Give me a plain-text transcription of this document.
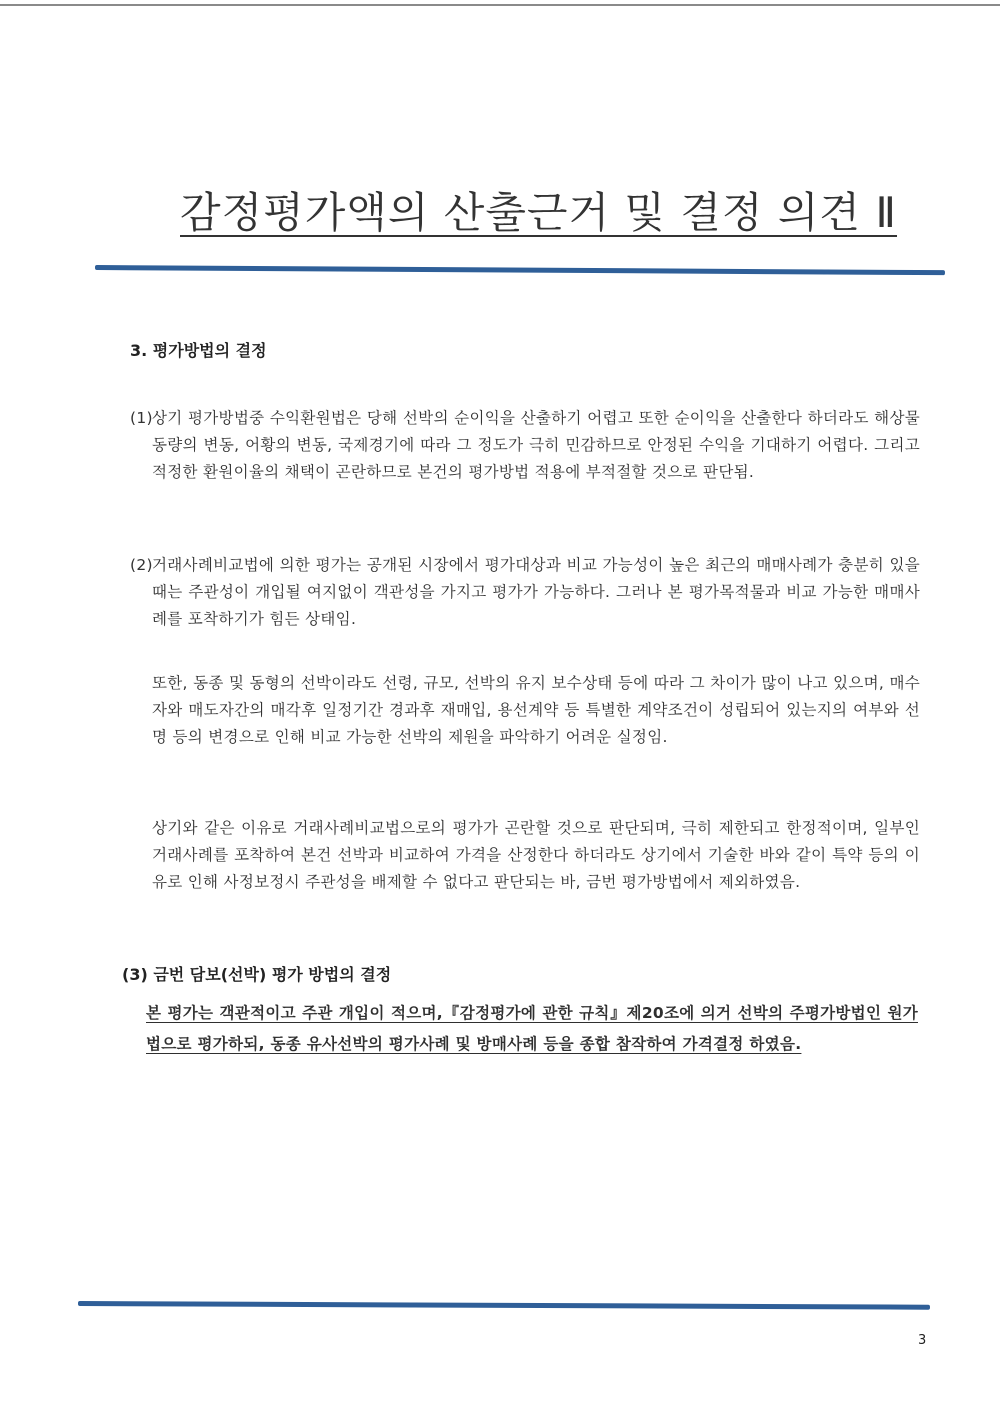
감정평가액의 산출근거 및 결정 의견 Ⅱ
3. 평가방법의 결정
(1) 상기 평가방법중 수익환원법은 당해 선박의 순이익을 산출하기 어렵고 또한 순이익을 산출한다 하더라도 해상물동량의 변동, 어황의 변동, 국제경기에 따라 그 정도가 극히 민감하므로 안정된 수익을 기대하기 어렵다. 그리고 적정한 환원이율의 채택이 곤란하므로 본건의 평가방법 적용에 부적절할 것으로 판단됨.
(2) 거래사례비교법에 의한 평가는 공개된 시장에서 평가대상과 비교 가능성이 높은 최근의 매매사례가 충분히 있을 때는 주관성이 개입될 여지없이 객관성을 가지고 평가가 가능하다. 그러나 본 평가목적물과 비교 가능한 매매사례를 포착하기가 힘든 상태임.
또한, 동종 및 동형의 선박이라도 선령, 규모, 선박의 유지 보수상태 등에 따라 그 차이가 많이 나고 있으며, 매수자와 매도자간의 매각후 일정기간 경과후 재매입, 용선계약 등 특별한 계약조건이 성립되어 있는지의 여부와 선명 등의 변경으로 인해 비교 가능한 선박의 제원을 파악하기 어려운 실정임.
상기와 같은 이유로 거래사례비교법으로의 평가가 곤란할 것으로 판단되며, 극히 제한되고 한정적이며, 일부인 거래사례를 포착하여 본건 선박과 비교하여 가격을 산정한다 하더라도 상기에서 기술한 바와 같이 특약 등의 이유로 인해 사정보정시 주관성을 배제할 수 없다고 판단되는 바, 금번 평가방법에서 제외하였음.
(3) 금번 담보(선박) 평가 방법의 결정
본 평가는 객관적이고 주관 개입이 적으며,『감정평가에 관한 규칙』제20조에 의거 선박의 주평가방법인 원가법으로 평가하되, 동종 유사선박의 평가사례 및 방매사례 등을 종합 참작하여 가격결정 하였음.
3
